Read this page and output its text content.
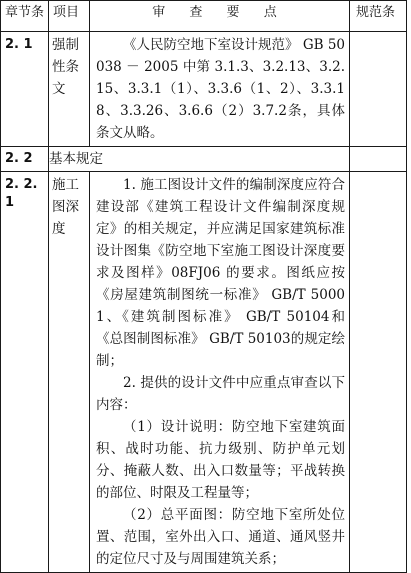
章节条	项目	审 查 要 点	规范条

2. 1	强制性条文	《人民防空地下室设计规范》 GB 50038 － 2005 中第 3.1.3、3.2.13、3.2.15、3.3.1（1）、3.3.6（1、2）、3.3.18、3.3.26、3.6.6（2）3.7.2条，具体条文从略。	

2. 2	基本规定		

2. 2. 1	施工图深度	1. 施工图设计文件的编制深度应符合建设部《建筑工程设计文件编制深度规定》的相关规定，并应满足国家建筑标准设计图集《防空地下室施工图设计深度要求及图样》08FJ06 的要求。图纸应按《房屋建筑制图统一标准》 GB/T 50001、《建筑制图标准》 GB/T 50104和《总图制图标准》 GB/T 50103的规定绘制；

2. 提供的设计文件中应重点审查以下内容：

（1）设计说明：防空地下室建筑面积、战时功能、抗力级别、防护单元划分、掩蔽人数、出入口数量等；平战转换的部位、时限及工程量等；

（2）总平面图：防空地下室所处位置、范围，室外出入口、通道、通风竖井的定位尺寸及与周围建筑关系；	
